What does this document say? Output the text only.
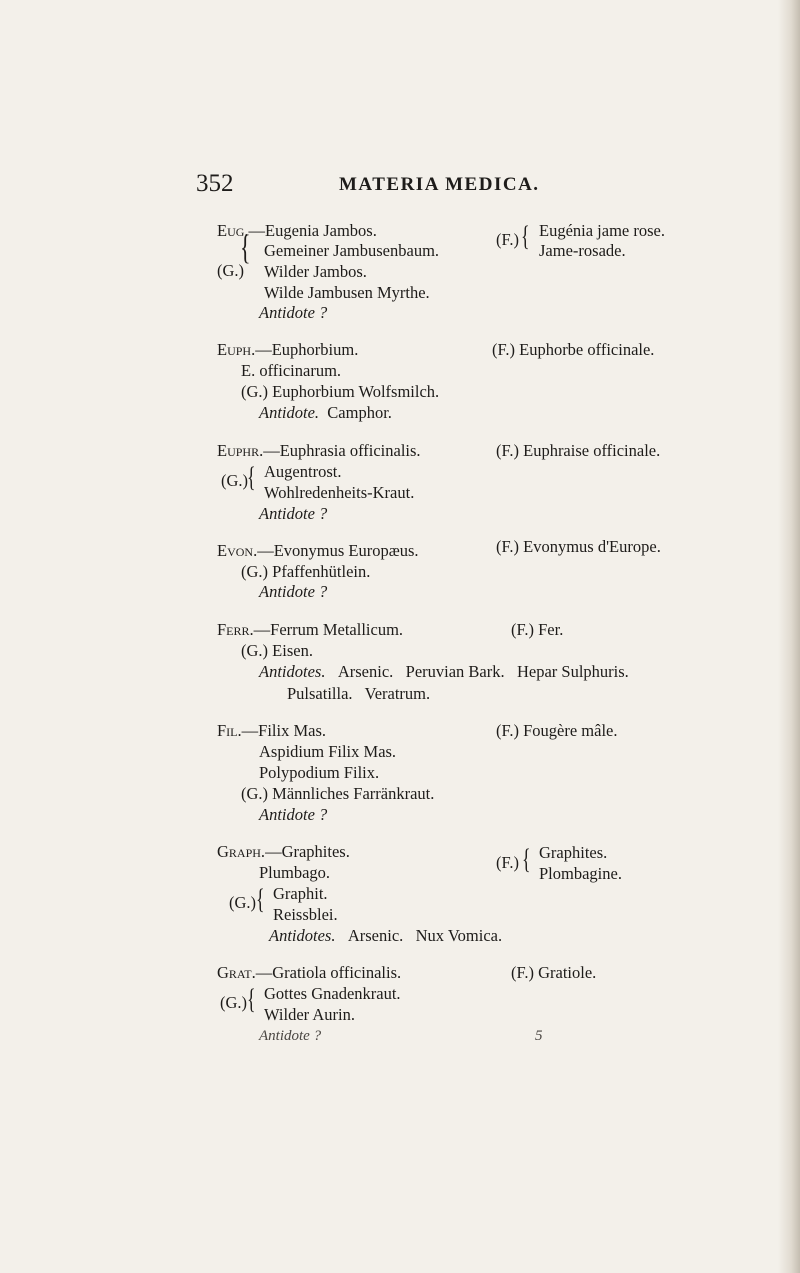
352	MATERIA MEDICA.
Eug.—Eugenia Jambos.
(G.)
{ Gemeiner Jambusenbaum.
Wilder Jambos.
Wilde Jambusen Myrthe.
Antidote ?
(F.) { Eugénia jame rose.
Jame-rosade.
Euph.—Euphorbium.
E. officinarum.
(G.) Euphorbium Wolfsmilch.
Antidote. Camphor.
(F.) Euphorbe officinale.
Euphr.—Euphrasia officinalis.
(G.)
{ Augentrost.
Wohlredenheits-Kraut.
Antidote ?
(F.) Euphraise officinale.
Evon.—Evonymus Europæus.
(G.) Pfaffenhütlein.
Antidote ?
(F.) Evonymus d'Europe.
Ferr.—Ferrum Metallicum.
(G.) Eisen.
Antidotes. Arsenic.   Peruvian Bark.   Hepar Sulphuris.
Pulsatilla.   Veratrum.
(F.) Fer.
Fil.—Filix Mas.
Aspidium Filix Mas.
Polypodium Filix.
(G.) Männliches Farränkraut.
Antidote ?
(F.) Fougère mâle.
Graph.—Graphites.
Plumbago.
(G.) { Graphit.
Reissblei.
Antidotes. Arsenic.   Nux Vomica.
(F.) { Graphites.
Plombagine.
Grat.—Gratiola officinalis.
(G.) { Gottes Gnadenkraut.
Wilder Aurin.
Antidote ?
(F.) Gratiole.
5
